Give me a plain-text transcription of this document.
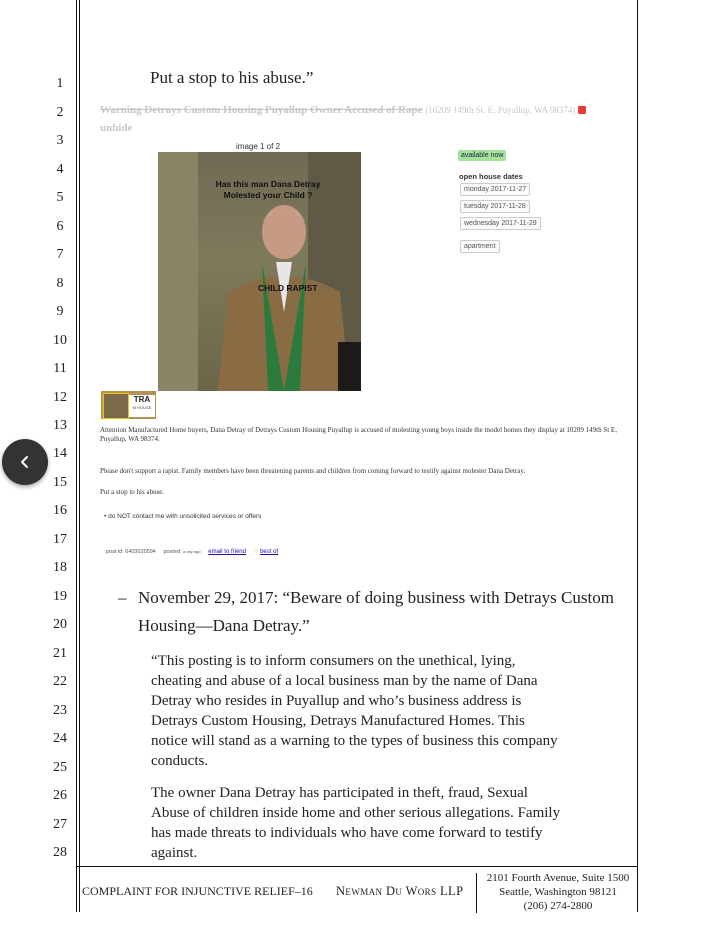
1
2
3
4
5
6
7
8
9
10
11
12
13
14
15
16
17
18
19
20
21
22
23
24
25
26
27
28
Put a stop to his abuse.”
Warning Detrays Custom Housing Puyallup Owner Accused of Rape (10209 149th St. E, Puyallup, WA 98374)  unhide
image 1 of 2
Has this man Dana Detray Molested your Child ?
CHILD RAPIST
TRA
M HOUSE
available now
open house dates
monday 2017-11-27
tuesday 2017-11-28
wednesday 2017-11-29
apartment
Attention Manufactured Home buyers, Dana Detray of Detrays Custom Housing Puyallup is accused of molesting young boys inside the model homes they display at 10209 149th St E, Puyallup, WA 98374.
Please don't support a rapist. Family members have been threatening parents and children from coming forward to testify against molester Dana Detray.
Put a stop to his abuse.
• do NOT contact me with unsolicited services or offers
post id: 6403020594 posted: a day ago email to friend ♡ best of
– November 29, 2017: “Beware of doing business with Detrays Custom
Housing—Dana Detray.”
“This posting is to inform consumers on the unethical, lying, cheating and abuse of a local business man by the name of Dana Detray who resides in Puyallup and who’s business address is Detrays Custom Housing, Detrays Manufactured Homes. This notice will stand as a warning to the types of business this company conducts.
The owner Dana Detray has participated in theft, fraud, Sexual Abuse of children inside home and other serious allegations. Family has made threats to individuals who have come forward to testify against.
COMPLAINT FOR INJUNCTIVE RELIEF–16 Newman Du Wors LLP
2101 Fourth Avenue, Suite 1500
Seattle, Washington 98121
(206) 274-2800
